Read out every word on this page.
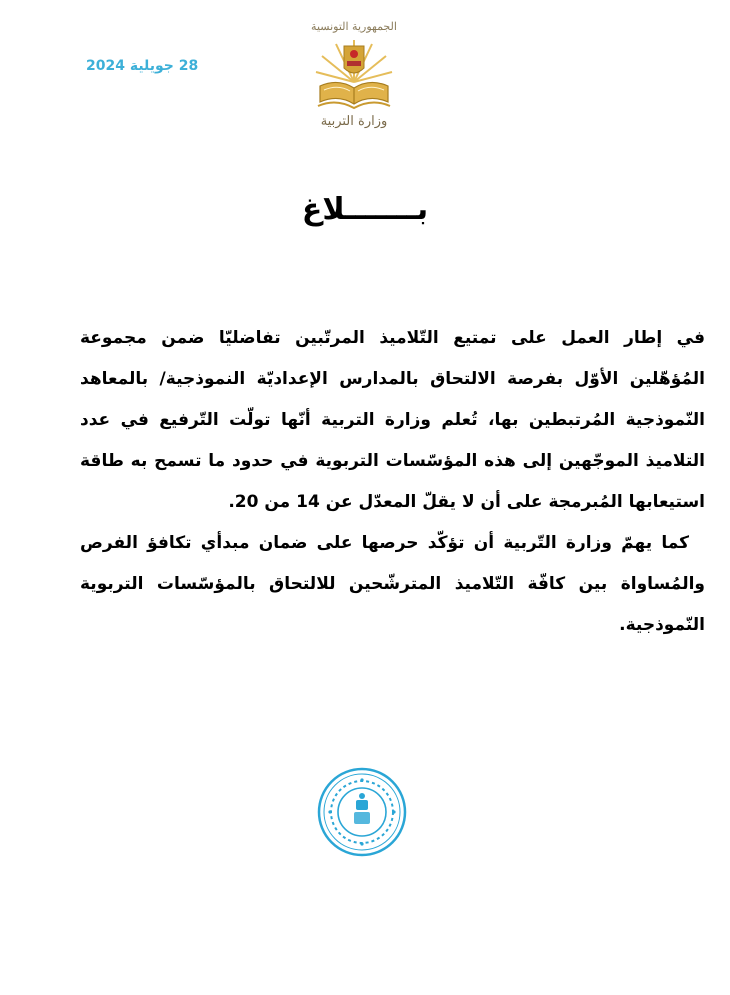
28 جويلية 2024
الجمهورية التونسية
وزارة التربية
بـــــــلاغ

في إطار العمل على تمتيع التّلاميذ المرتّبين تفاضليّا ضمن مجموعة المُؤهّلين الأوّل بفرصة الالتحاق بالمدارس الإعداديّة النموذجية/ بالمعاهد النّموذجية المُرتبطين بها، تُعلم وزارة التربية أنّها تولّت التّرفيع في عدد التلاميذ الموجّهين إلى هذه المؤسّسات التربوية في حدود ما تسمح به طاقة استيعابها المُبرمجة على أن لا يقلّ المعدّل عن 14 من 20.

كما يهمّ وزارة التّربية أن تؤكّد حرصها على ضمان مبدأي تكافؤ الفرص والمُساواة بين كافّة التّلاميذ المترشّحين للالتحاق بالمؤسّسات التربوية النّموذجية.
